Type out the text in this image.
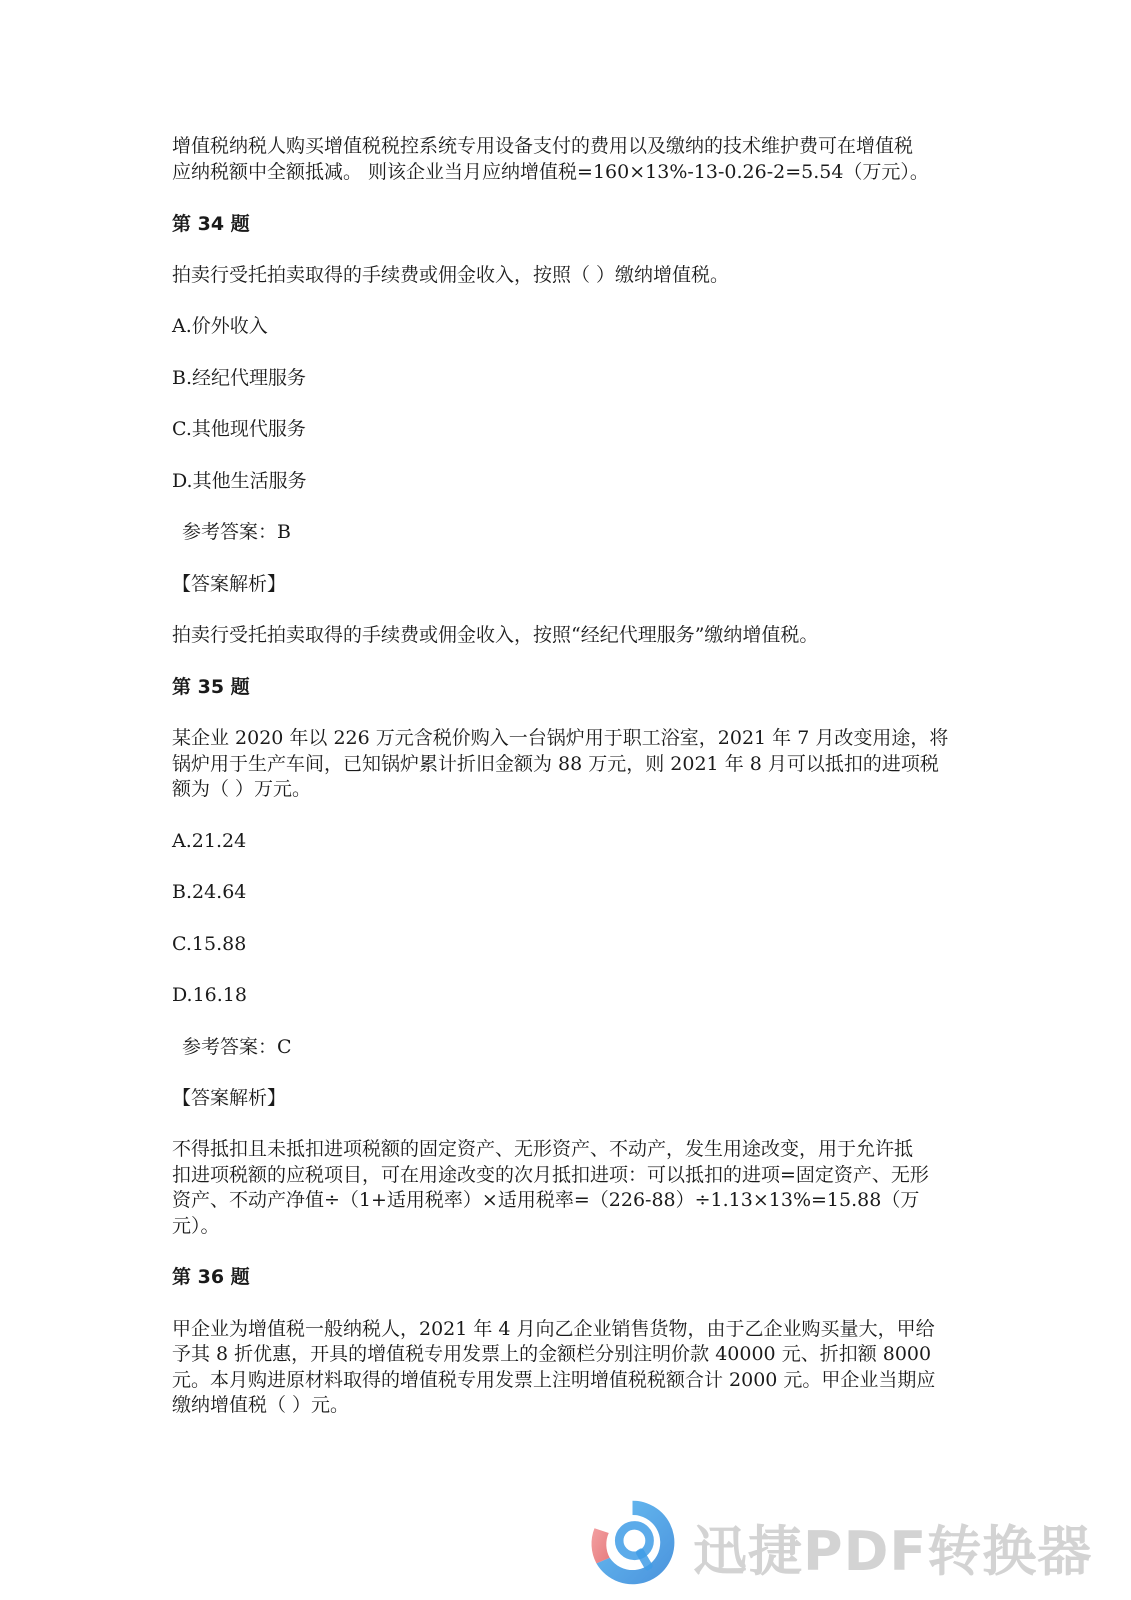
增值税纳税人购买增值税税控系统专用设备支付的费用以及缴纳的技术维护费可在增值税

应纳税额中全额抵减。 则该企业当月应纳增值税=160×13%-13-0.26-2=5.54（万元）。

第 34 题

拍卖行受托拍卖取得的手续费或佣金收入，按照（ ）缴纳增值税。

A.价外收入

B.经纪代理服务

C.其他现代服务

D.其他生活服务

参考答案：B

【答案解析】

拍卖行受托拍卖取得的手续费或佣金收入，按照“经纪代理服务”缴纳增值税。

第 35 题

某企业 2020 年以 226 万元含税价购入一台锅炉用于职工浴室，2021 年 7 月改变用途，将

锅炉用于生产车间，已知锅炉累计折旧金额为 88 万元，则 2021 年 8 月可以抵扣的进项税

额为（ ）万元。

A.21.24

B.24.64

C.15.88

D.16.18

参考答案：C

【答案解析】

不得抵扣且未抵扣进项税额的固定资产、无形资产、不动产，发生用途改变，用于允许抵

扣进项税额的应税项目，可在用途改变的次月抵扣进项：可以抵扣的进项=固定资产、无形

资产、不动产净值÷（1+适用税率）×适用税率=（226-88）÷1.13×13%=15.88（万

元）。

第 36 题

甲企业为增值税一般纳税人，2021 年 4 月向乙企业销售货物，由于乙企业购买量大，甲给

予其 8 折优惠，开具的增值税专用发票上的金额栏分别注明价款 40000 元、折扣额 8000

元。本月购进原材料取得的增值税专用发票上注明增值税税额合计 2000 元。甲企业当期应

缴纳增值税（ ）元。

迅捷PDF转换器
